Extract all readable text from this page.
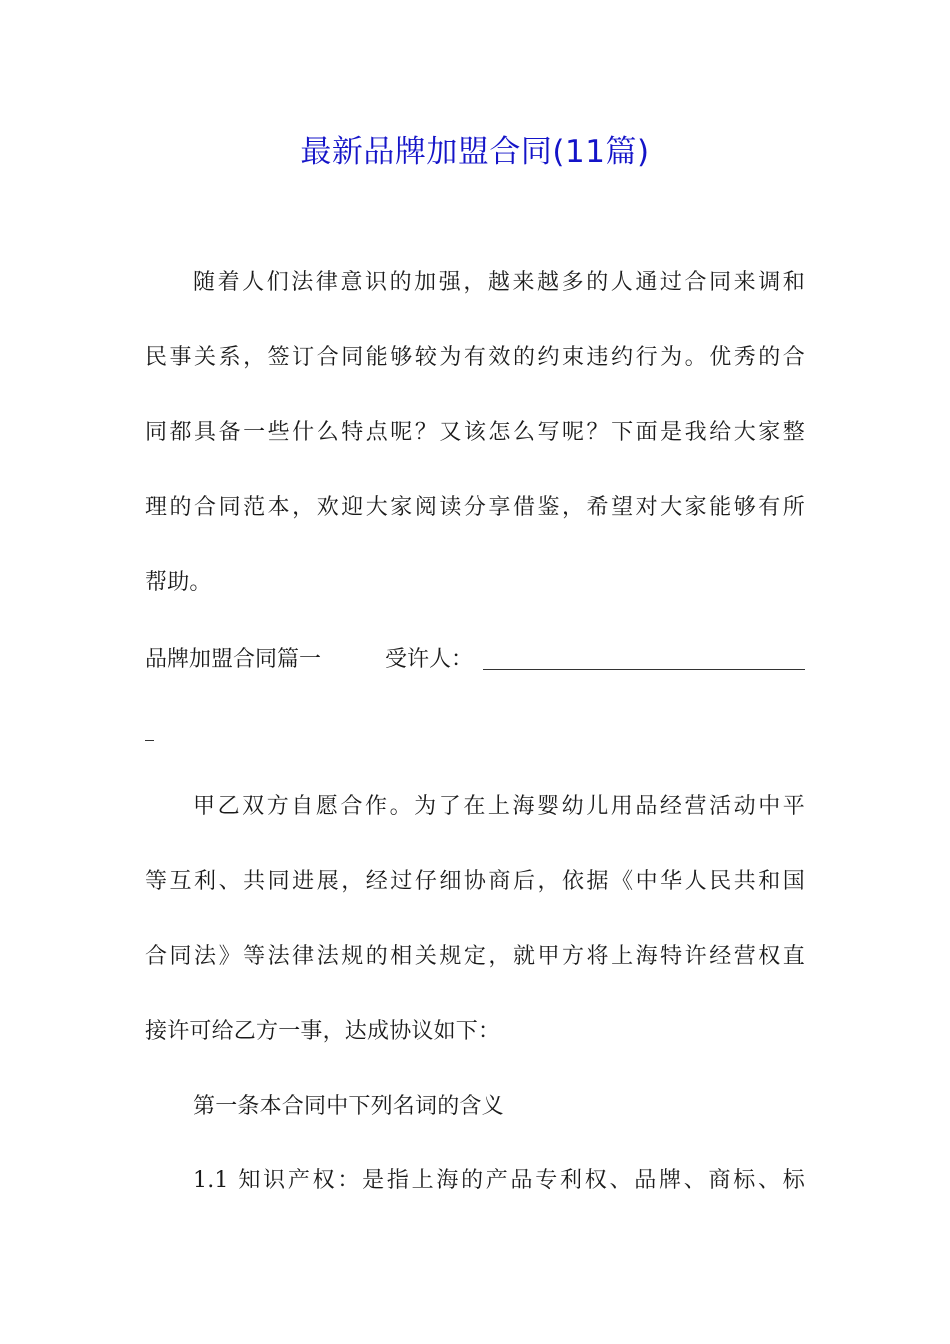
最新品牌加盟合同(11篇)
随着人们法律意识的加强，越来越多的人通过合同来调和
民事关系，签订合同能够较为有效的约束违约行为。优秀的合
同都具备一些什么特点呢？又该怎么写呢？下面是我给大家整
理的合同范本，欢迎大家阅读分享借鉴，希望对大家能够有所
帮助。
品牌加盟合同篇一	受许人：
甲乙双方自愿合作。为了在上海婴幼儿用品经营活动中平
等互利、共同进展，经过仔细协商后，依据《中华人民共和国
合同法》等法律法规的相关规定，就甲方将上海特许经营权直
接许可给乙方一事，达成协议如下：
第一条本合同中下列名词的含义
1.1 知识产权：是指上海的产品专利权、品牌、商标、标
